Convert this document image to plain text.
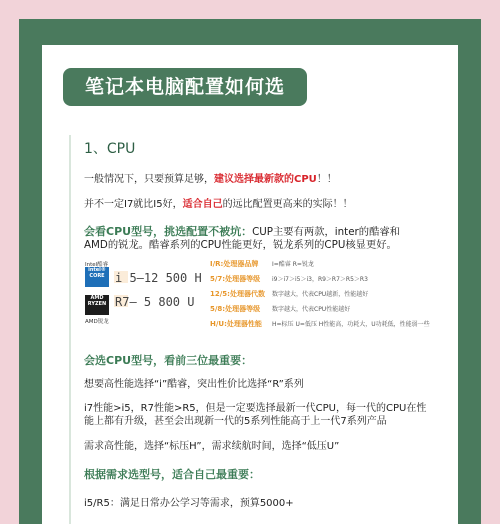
笔记本电脑配置如何选
1、CPU
一般情况下，只要预算足够，建议选择最新款的CPU！！
并不一定I7就比I5好，适合自己的远比配置更高来的实际！！
会看CPU型号，挑选配置不被坑：CUP主要有两款，inter的酷睿和
AMD的锐龙。酷睿系列的CPU性能更好，锐龙系列的CPU核显更好。
intel® CORE
Intel酷睿
AMD RYZEN
AMD锐龙
i 5–12 500 H
R7– 5 800 U
I/R:处理器品牌 I=酷睿 R=锐龙
5/7:处理器等级 i9＞i7＞i5＞i3，R9＞R7＞R5＞R3
12/5:处理器代数 数字越大，代表CPU越新，性能越好
5/8:处理器等级 数字越大，代表CPU性能越好
H/U:处理器性能 H=标压 U=低压 H性能高，功耗大，U功耗低，性能弱一些
会选CPU型号，看前三位最重要：
想要高性能选择“i”酷睿，突出性价比选择“R”系列
i7性能>i5，R7性能>R5，但是一定要选择最新一代CPU，每一代的CPU在性
能上都有升级，甚至会出现新一代的5系列性能高于上一代7系列产品
需求高性能，选择“标压H”，需求续航时间，选择“低压U”
根据需求选型号，适合自己最重要：
i5/R5：满足日常办公学习等需求，预算5000+
